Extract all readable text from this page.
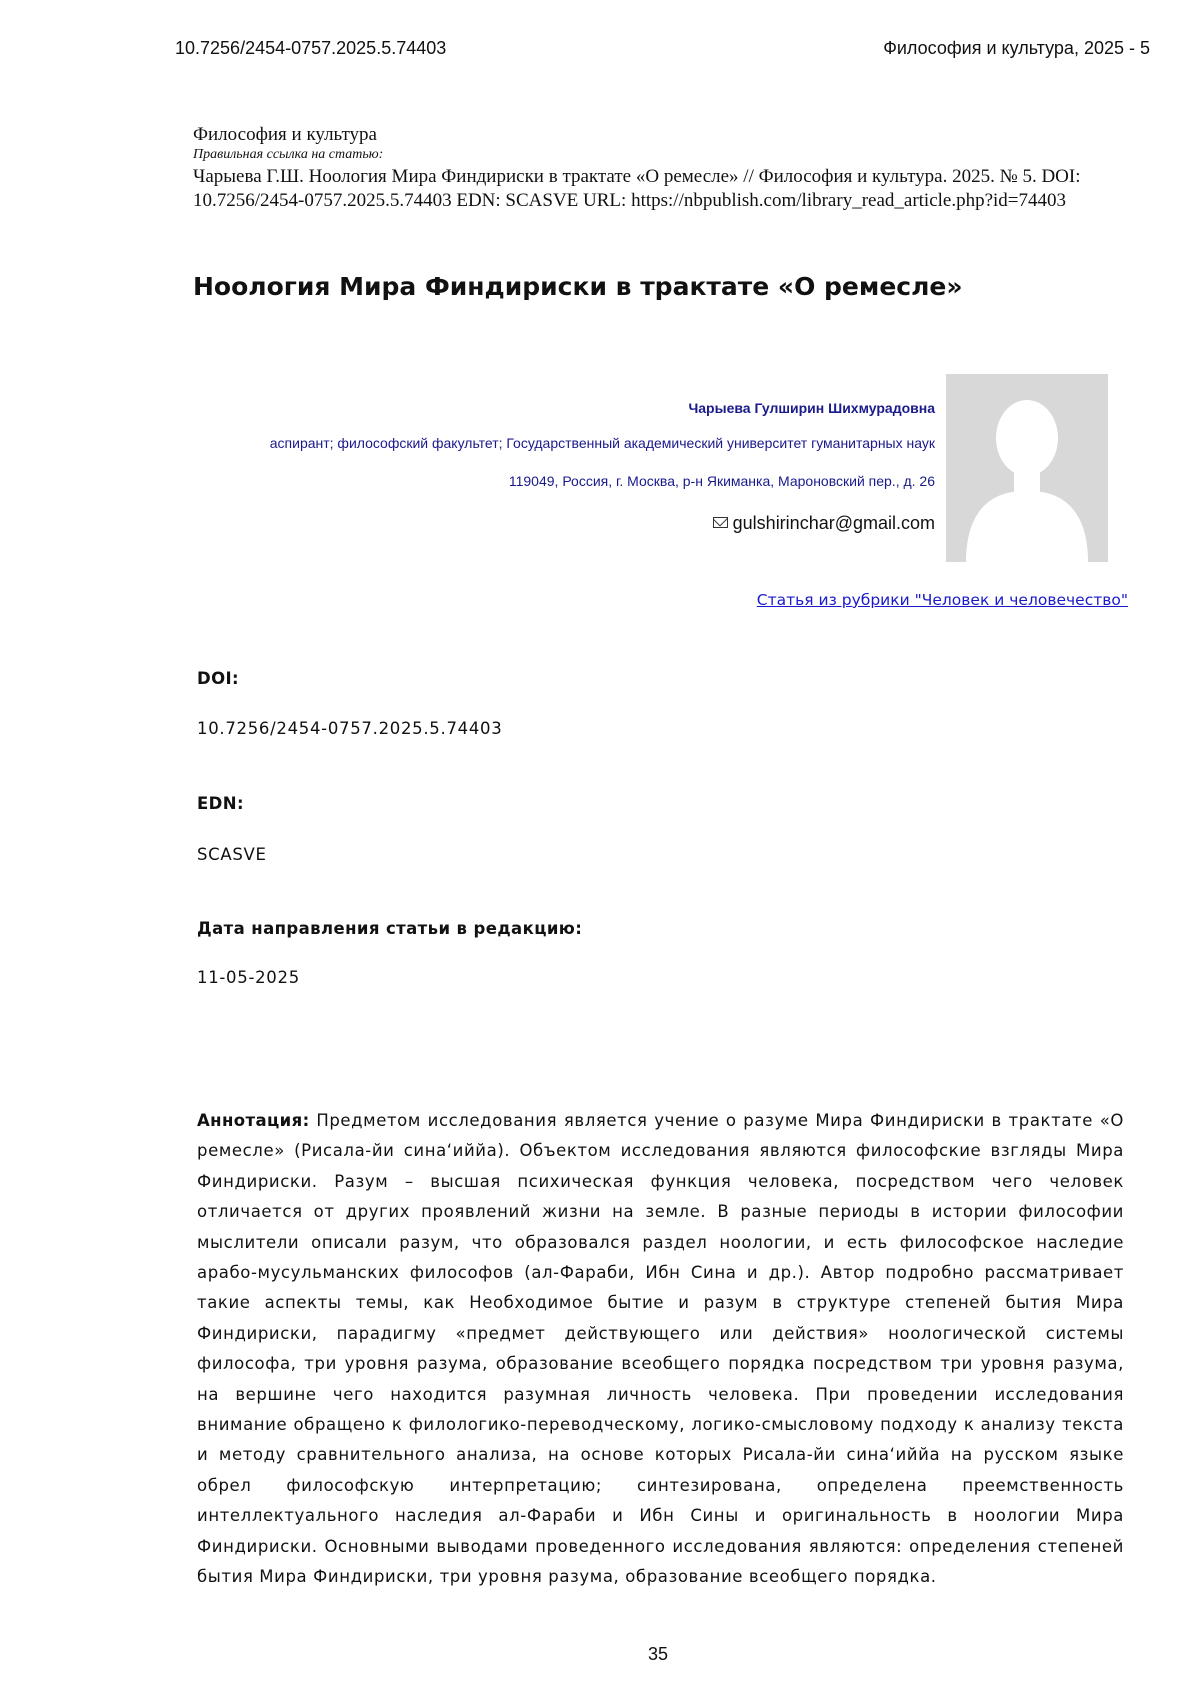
10.7256/2454-0757.2025.5.74403	Философия и культура, 2025 - 5
Философия и культура
Правильная ссылка на статью:
Чарыева Г.Ш. Ноология Мира Финдириски в трактате «О ремесле» // Философия и культура. 2025. № 5. DOI: 10.7256/2454-0757.2025.5.74403 EDN: SCASVE URL: https://nbpublish.com/library_read_article.php?id=74403
Ноология Мира Финдириски в трактате «О ремесле»
Чарыева Гулширин Шихмурадовна
аспирант; философский факультет; Государственный академический университет гуманитарных наук
119049, Россия, г. Москва, р-н Якиманка, Мароновский пер., д. 26
gulshirinchar@gmail.com
Статья из рубрики "Человек и человечество"
DOI:
10.7256/2454-0757.2025.5.74403
EDN:
SCASVE
Дата направления статьи в редакцию:
11-05-2025
Аннотация: Предметом исследования является учение о разуме Мира Финдириски в трактате «О ремесле» (Рисала-йи сина‘иййа). Объектом исследования являются философские взгляды Мира Финдириски. Разум – высшая психическая функция человека, посредством чего человек отличается от других проявлений жизни на земле. В разные периоды в истории философии мыслители описали разум, что образовался раздел ноологии, и есть философское наследие арабо-мусульманских философов (ал-Фараби, Ибн Сина и др.). Автор подробно рассматривает такие аспекты темы, как Необходимое бытие и разум в структуре степеней бытия Мира Финдириски, парадигму «предмет действующего или действия» ноологической системы философа, три уровня разума, образование всеобщего порядка посредством три уровня разума, на вершине чего находится разумная личность человека. При проведении исследования внимание обращено к филологико-переводческому, логико-смысловому подходу к анализу текста и методу сравнительного анализа, на основе которых Рисала-йи сина‘иййа на русском языке обрел философскую интерпретацию; синтезирована, определена преемственность интеллектуального наследия ал-Фараби и Ибн Сины и оригинальность в ноологии Мира Финдириски. Основными выводами проведенного исследования являются: определения степеней бытия Мира Финдириски, три уровня разума, образование всеобщего порядка.
35
